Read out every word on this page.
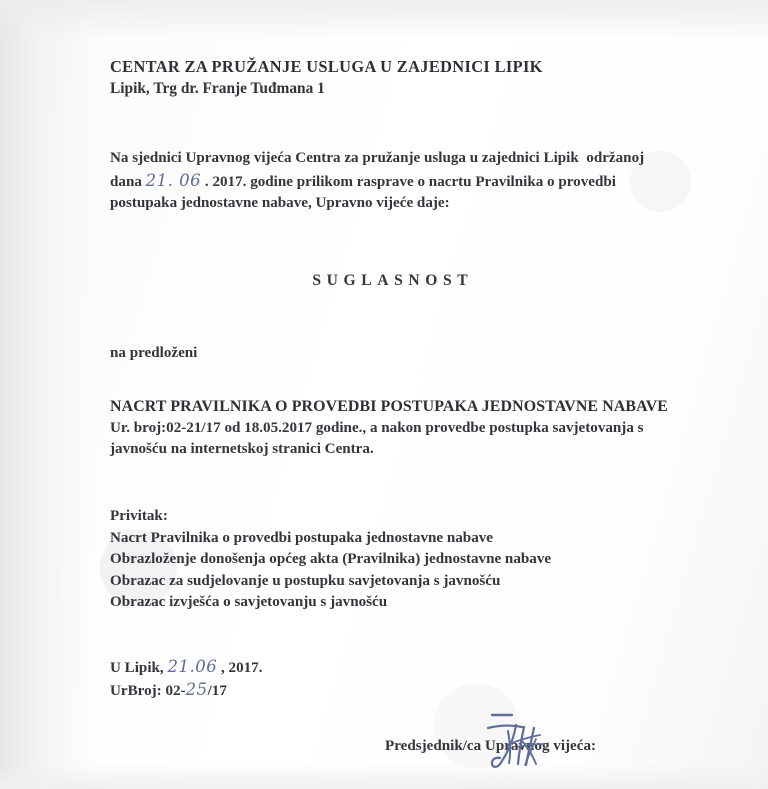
CENTAR ZA PRUŽANJE USLUGA U ZAJEDNICI LIPIK
Lipik, Trg dr. Franje Tuđmana 1
Na sjednici Upravnog vijeća Centra za pružanje usluga u zajednici Lipik  održanoj
dana 21. 06 . 2017. godine prilikom rasprave o nacrtu Pravilnika o provedbi
postupaka jednostavne nabave, Upravno vijeće daje:
SUGLASNOST
na predloženi
NACRT PRAVILNIKA O PROVEDBI POSTUPAKA JEDNOSTAVNE NABAVE
Ur. broj:02-21/17 od 18.05.2017 godine., a nakon provedbe postupka savjetovanja s
javnošću na internetskoj stranici Centra.
Privitak:
Nacrt Pravilnika o provedbi postupaka jednostavne nabave
Obrazloženje donošenja općeg akta (Pravilnika) jednostavne nabave
Obrazac za sudjelovanje u postupku savjetovanja s javnošću
Obrazac izvješća o savjetovanju s javnošću
U Lipik, 21.06 , 2017.
UrBroj: 02-25/17
Predsjednik/ca Upravnog vijeća:
